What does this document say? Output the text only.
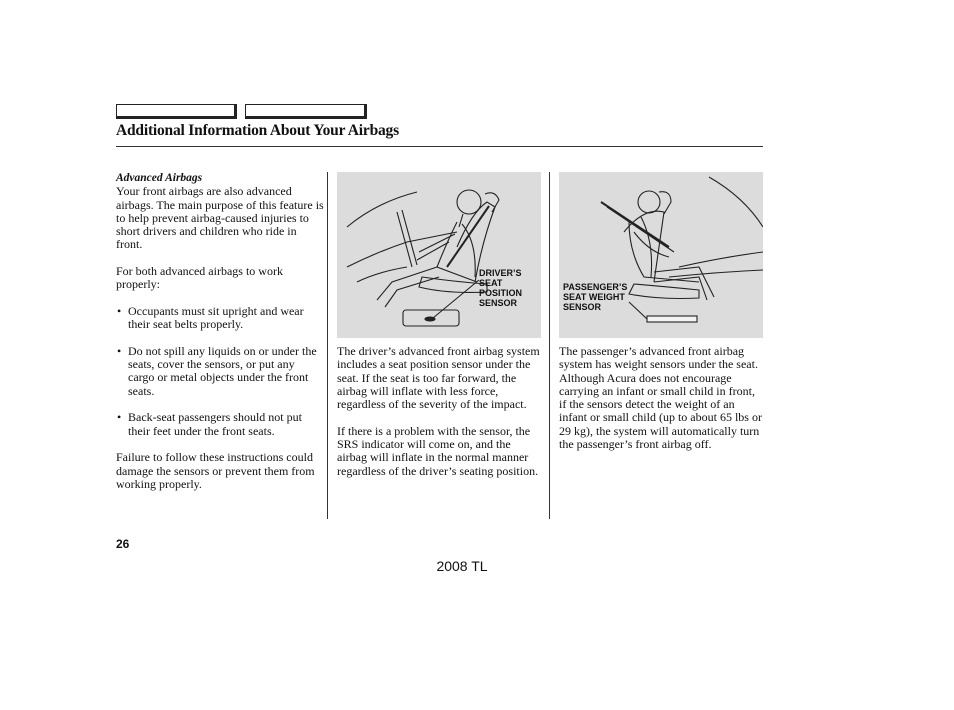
Additional Information About Your Airbags

Advanced Airbags

Your front airbags are also advanced airbags. The main purpose of this feature is to help prevent airbag-caused injuries to short drivers and children who ride in front.

For both advanced airbags to work properly:

• Occupants must sit upright and wear their seat belts properly.
• Do not spill any liquids on or under the seats, cover the sensors, or put any cargo or metal objects under the front seats.
• Back-seat passengers should not put their feet under the front seats.

Failure to follow these instructions could damage the sensors or prevent them from working properly.

DRIVER’S
SEAT
POSITION
SENSOR
PASSENGER’S
SEAT WEIGHT
SENSOR

The driver’s advanced front airbag system includes a seat position sensor under the seat. If the seat is too far forward, the airbag will inflate with less force, regardless of the severity of the impact.

If there is a problem with the sensor, the SRS indicator will come on, and the airbag will inflate in the normal manner regardless of the driver’s seating position.

The passenger’s advanced front airbag system has weight sensors under the seat. Although Acura does not encourage carrying an infant or small child in front, if the sensors detect the weight of an infant or small child (up to about 65 lbs or 29 kg), the system will automatically turn the passenger’s front airbag off.

26
2008 TL
